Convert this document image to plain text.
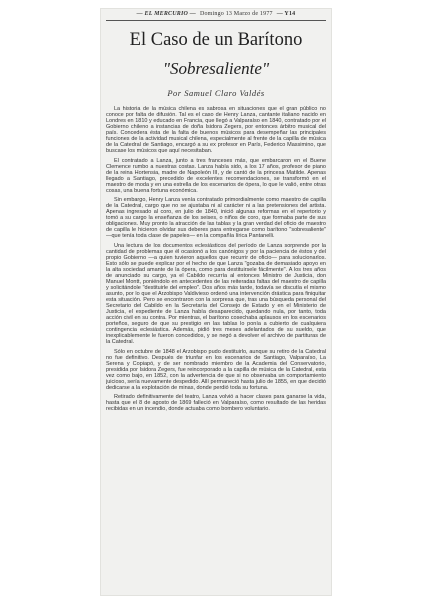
— EL MERCURIO — Domingo 13 Marzo de 1977 — Y14
El Caso de un Barítono
"Sobresaliente"
Por Samuel Claro Valdés

La historia de la música chilena es sabrosa en situaciones que el gran público no conoce por falta de difusión. Tal es el caso de Henry Lanza, cantante italiano nacido en Londres en 1810 y educado en Francia, que llegó a Valparaíso en 1840, contratado por el Gobierno chileno a instancias de doña Isidora Zegers, por entonces árbitro musical del país. Concedera ésta de la falta de buenos músicos para desempeñar las principales funciones de la actividad musical chilena, especialmente al frente de la capilla de música de la Catedral de Santiago, encargó a su ex profesor en París, Federico Massimino, que buscase los músicos que aquí necesitaban.

El contratado a Lanza, junto a tres franceses más, que embarcaron en el Buene Clemence rumbo a nuestras costas. Lanza había sido, a los 17 años, profesor de piano de la reina Hortensia, madre de Napoleón III, y de cantó de la princesa Matilde. Apenas llegado a Santiago, precedido de excelentes recomendaciones, se transformó en el maestro de moda y en una estrella de los escenarios de ópera, lo que le valió, entre otras cosas, una buena fortuna económica.

Sin embargo, Henry Lanza venía contratado primordialmente como maestro de capilla de la Catedral, cargo que no se ajustaba ni al carácter ni a las pretensiones del artista. Apenas ingresado al coro, en julio de 1840, inició algunas reformas en el repertorio y tomó a su cargo la enseñanza de los seises, o niños de coro, que formaba parte de sus obligaciones. Muy pronto la atracción de las tablas y la gran verdad del oficio de maestro de capilla le hicieron olvidar sus deberes para entregarse como barítono "sobresaliente" —que tenía toda clase de papeles— en la compañía lírica Pantanelli.

Una lectura de los documentos eclesiásticos del período de Lanza sorprende por la cantidad de problemas que él ocasionó a los canónigos y por la paciencia de éstos y del propio Gobierno —a quien tuvieron aquellos que recurrir de oficio— para solucionarlos. Esto sólo se puede explicar por el hecho de que Lanza "gozaba de demasiado apoyo en la alta sociedad amante de la ópera, como para destituirsele fácilmente". A los tres años de anunciado su cargo, ya el Cabildo recurría al entonces Ministro de Justicia, don Manuel Montt, poniéndolo en antecedentes de las reiteradas faltas del maestro de capilla y solicitándole "destituirle del empleo". Dos años más tarde, todavía se discutía el mismo asunto, por lo que el Arzobispo Valdivieso ordenó una intervención drástica para finiquitar esta situación. Pero se encontraron con la sorpresa que, tras una búsqueda personal del Secretario del Cabildo en la Secretaría del Consejo de Estado y en el Ministerio de Justicia, el expediente de Lanza había desaparecido, quedando nula, por tanto, toda acción civil en su contra. Por mientras, el barítono cosechaba aplausos en los escenarios porteños, seguro de que su prestigio en las tablas lo ponía a cubierto de cualquiera contingencia eclesiástica. Además, pidió tres meses adelantados de su sueldo, que inexplicablemente le fueron concedidos, y se negó a devolver el archivo de partituras de la Catedral.

Sólo en octubre de 1848 el Arzobispo pudo destituirlo, aunque su retiro de la Catedral no fue definitivo. Después de triunfar en los escenarios de Santiago, Valparaíso, La Serena y Copiapó, y de ser nombrado miembro de la Academia del Conservatorio, presidida por Isidora Zegers, fue reincorporado a la capilla de música de la Catedral, esta vez como bajo, en 1852, con la advertencia de que si no observaba un comportamiento juicioso, sería nuevamente despedido. Allí permaneció hasta julio de 1855, en que decidió dedicarse a la explotación de minas, donde perdió toda su fortuna.

Retirado definitivamente del teatro, Lanza volvió a hacer clases para ganarse la vida, hasta que el 8 de agosto de 1869 falleció en Valparaíso, como resultado de las heridas recibidas en un incendio, donde actuaba como bombero voluntario.
